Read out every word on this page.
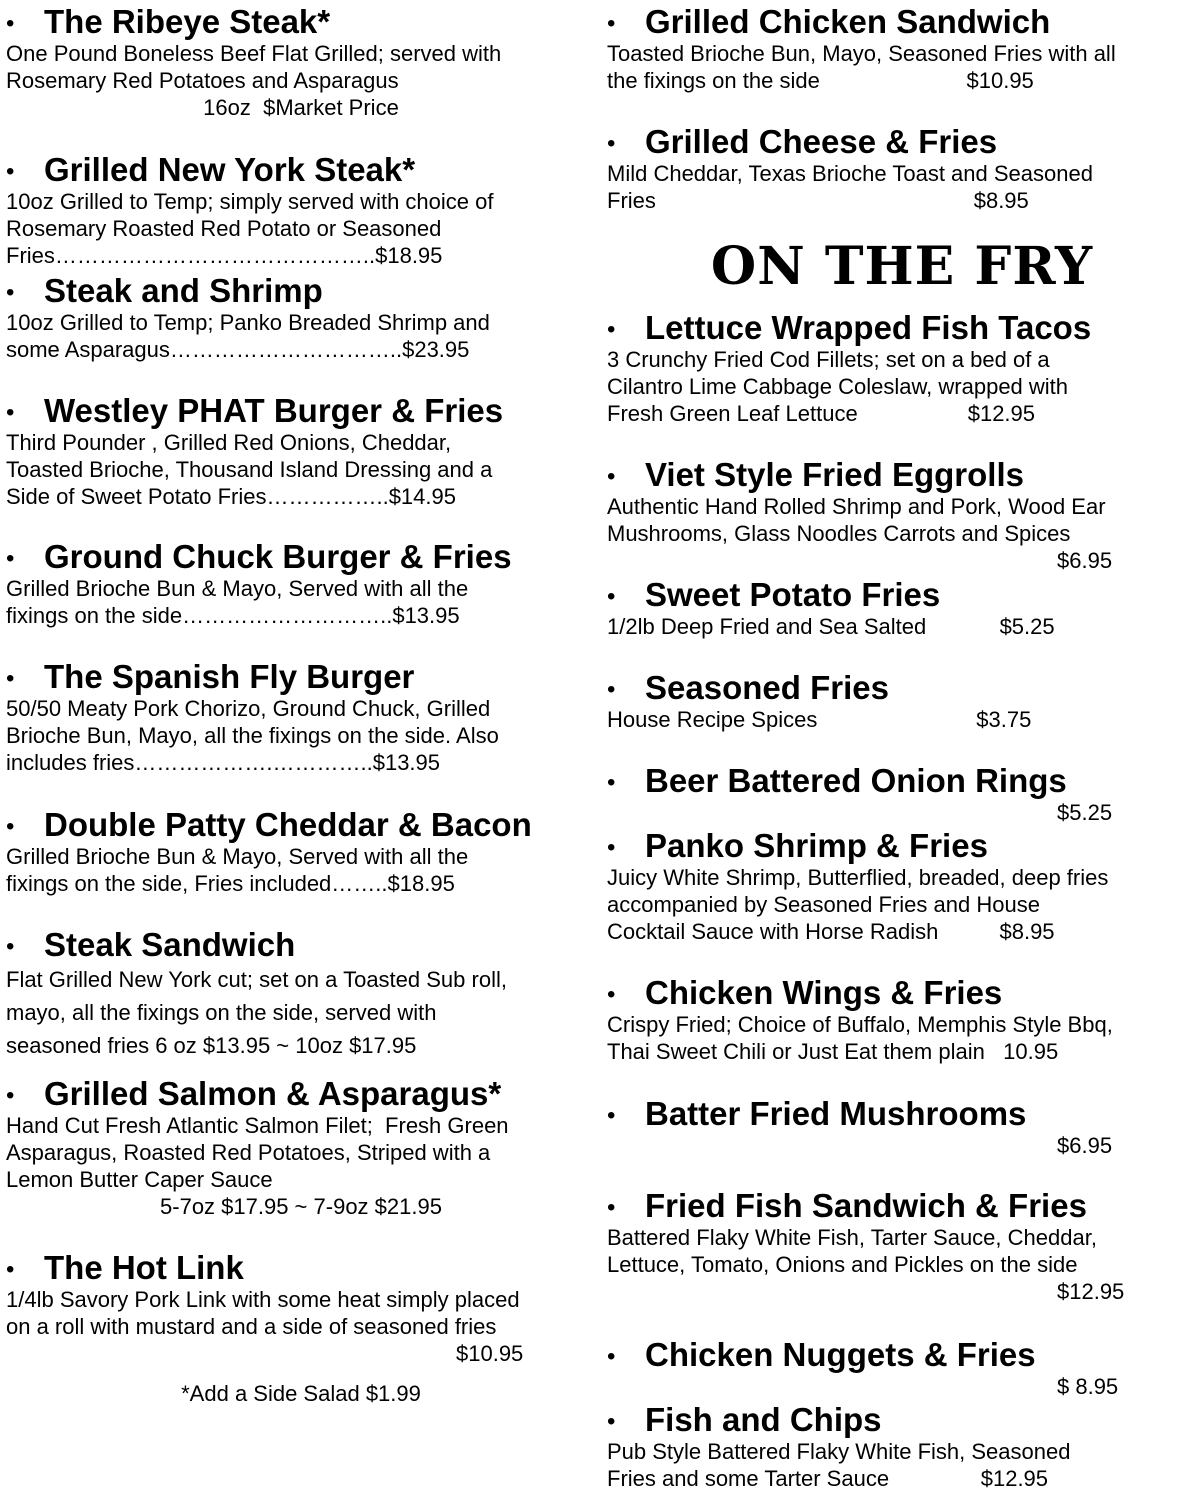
• The Ribeye Steak*
One Pound Boneless Beef Flat Grilled; served with
Rosemary Red Potatoes and Asparagus
16oz  $Market Price
• Grilled New York Steak*
10oz Grilled to Temp; simply served with choice of
Rosemary Roasted Red Potato or Seasoned
Fries……………………………………..$18.95
• Steak and Shrimp
10oz Grilled to Temp; Panko Breaded Shrimp and
some Asparagus…………………………..$23.95
• Westley PHAT Burger & Fries
Third Pounder , Grilled Red Onions, Cheddar,
Toasted Brioche, Thousand Island Dressing and a
Side of Sweet Potato Fries……………..$14.95
• Ground Chuck Burger & Fries
Grilled Brioche Bun & Mayo, Served with all the
fixings on the side………………………..$13.95
• The Spanish Fly Burger
50/50 Meaty Pork Chorizo, Ground Chuck, Grilled
Brioche Bun, Mayo, all the fixings on the side. Also
includes fries……………….…………..$13.95
• Double Patty Cheddar & Bacon
Grilled Brioche Bun & Mayo, Served with all the
fixings on the side, Fries included……..$18.95
• Steak Sandwich
Flat Grilled New York cut; set on a Toasted Sub roll,
mayo, all the fixings on the side, served with
seasoned fries 6 oz $13.95 ~ 10oz $17.95
• Grilled Salmon & Asparagus*
Hand Cut Fresh Atlantic Salmon Filet;  Fresh Green
Asparagus, Roasted Red Potatoes, Striped with a
Lemon Butter Caper Sauce
5-7oz $17.95 ~ 7-9oz $21.95
• The Hot Link
1/4lb Savory Pork Link with some heat simply placed
on a roll with mustard and a side of seasoned fries
$10.95
ON THE FRY
• Grilled Chicken Sandwich
Toasted Brioche Bun, Mayo, Seasoned Fries with all
the fixings on the side                        $10.95
• Grilled Cheese & Fries
Mild Cheddar, Texas Brioche Toast and Seasoned
Fries                                                    $8.95
• Lettuce Wrapped Fish Tacos
3 Crunchy Fried Cod Fillets; set on a bed of a
Cilantro Lime Cabbage Coleslaw, wrapped with
Fresh Green Leaf Lettuce                  $12.95
• Viet Style Fried Eggrolls
Authentic Hand Rolled Shrimp and Pork, Wood Ear
Mushrooms, Glass Noodles Carrots and Spices
$6.95
• Sweet Potato Fries
1/2lb Deep Fried and Sea Salted            $5.25
• Seasoned Fries
House Recipe Spices                          $3.75
• Beer Battered Onion Rings
$5.25
• Panko Shrimp & Fries
Juicy White Shrimp, Butterflied, breaded, deep fries
accompanied by Seasoned Fries and House
Cocktail Sauce with Horse Radish          $8.95
• Chicken Wings & Fries
Crispy Fried; Choice of Buffalo, Memphis Style Bbq,
Thai Sweet Chili or Just Eat them plain   10.95
• Batter Fried Mushrooms
$6.95
• Fried Fish Sandwich & Fries
Battered Flaky White Fish, Tarter Sauce, Cheddar,
Lettuce, Tomato, Onions and Pickles on the side
$12.95
• Chicken Nuggets & Fries
$ 8.95
• Fish and Chips
Pub Style Battered Flaky White Fish, Seasoned
Fries and some Tarter Sauce               $12.95
*Add a Side Salad $1.99
